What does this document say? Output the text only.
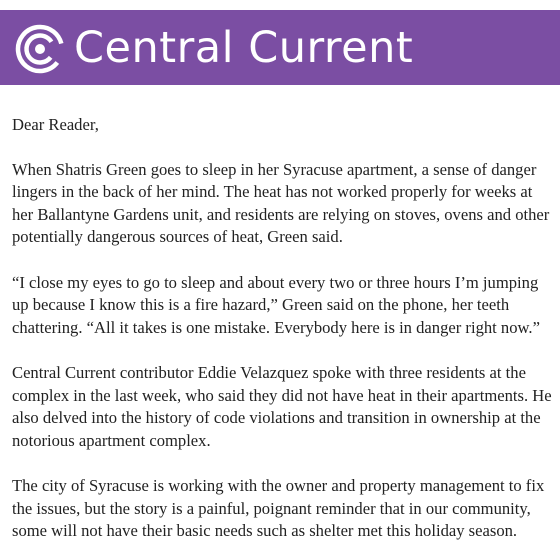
Central Current

Dear Reader,

When Shatris Green goes to sleep in her Syracuse apartment, a sense of danger lingers in the back of her mind. The heat has not worked properly for weeks at her Ballantyne Gardens unit, and residents are relying on stoves, ovens and other potentially dangerous sources of heat, Green said.

“I close my eyes to go to sleep and about every two or three hours I’m jumping up because I know this is a fire hazard,” Green said on the phone, her teeth chattering. “All it takes is one mistake. Everybody here is in danger right now.”

Central Current contributor Eddie Velazquez spoke with three residents at the complex in the last week, who said they did not have heat in their apartments. He also delved into the history of code violations and transition in ownership at the notorious apartment complex.

The city of Syracuse is working with the owner and property management to fix the issues, but the story is a painful, poignant reminder that in our community, some will not have their basic needs such as shelter met this holiday season.
